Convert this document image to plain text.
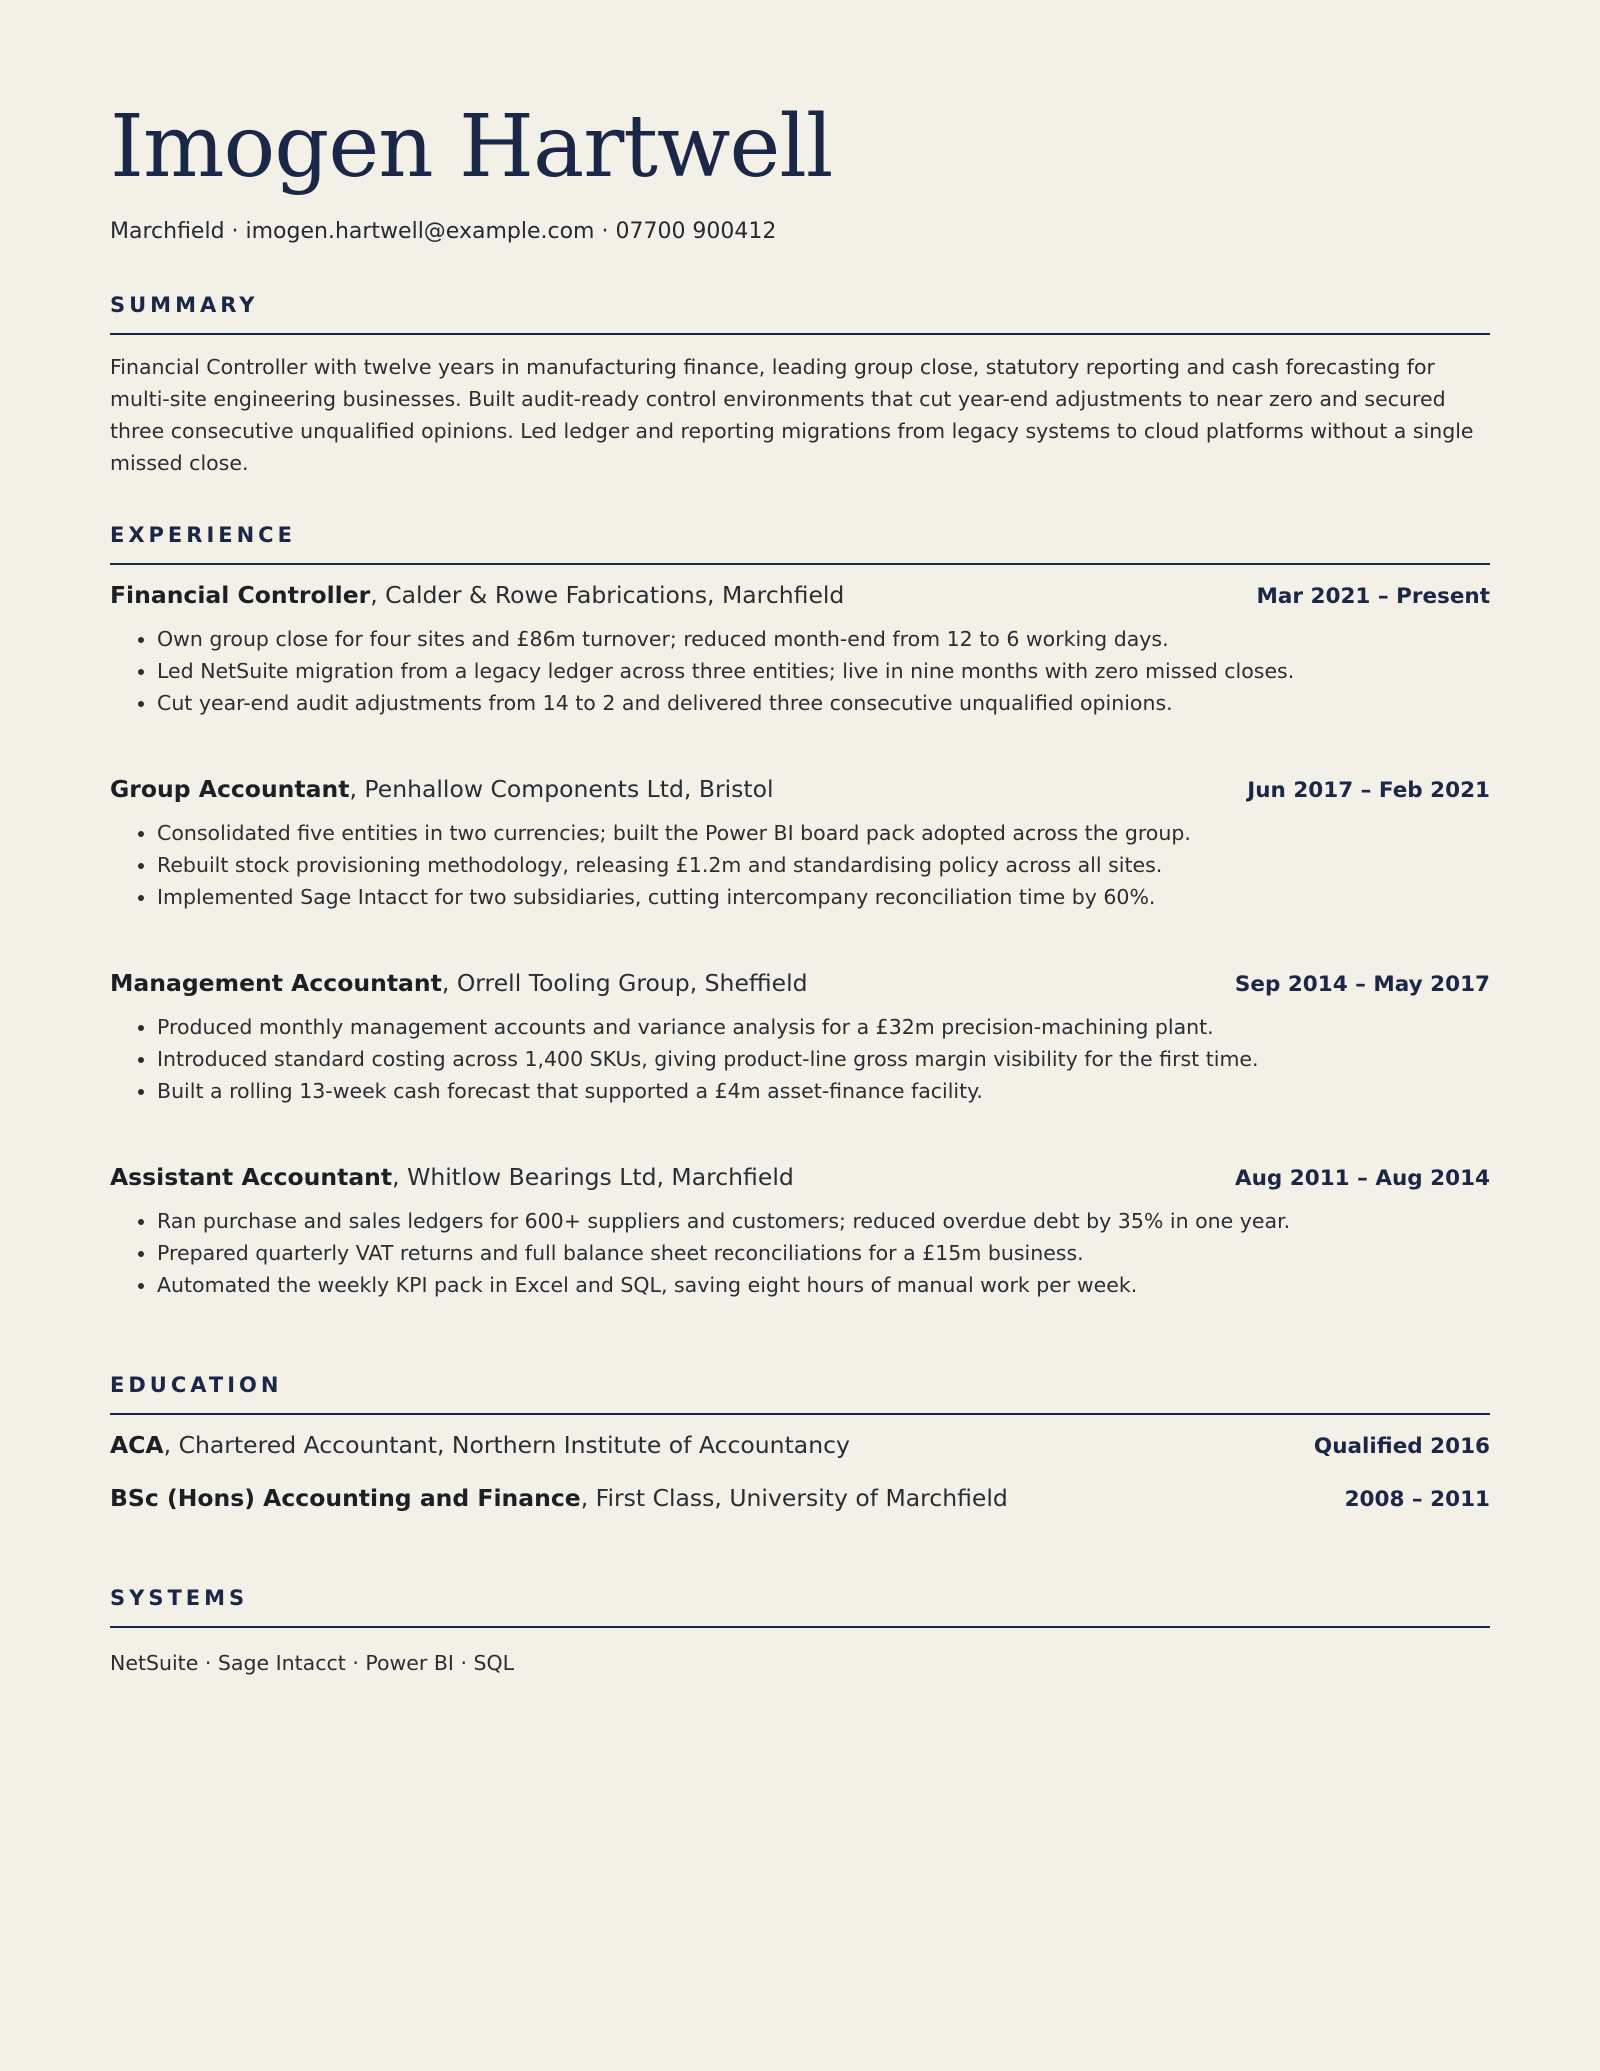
Imogen Hartwell
Marchfield · imogen.hartwell@example.com · 07700 900412
SUMMARY
Financial Controller with twelve years in manufacturing finance, leading group close, statutory reporting and cash forecasting for multi-site engineering businesses. Built audit-ready control environments that cut year-end adjustments to near zero and secured three consecutive unqualified opinions. Led ledger and reporting migrations from legacy systems to cloud platforms without a single missed close.
EXPERIENCE
Financial Controller, Calder & Rowe Fabrications, Marchfield	Mar 2021 – Present
• Own group close for four sites and £86m turnover; reduced month-end from 12 to 6 working days.
• Led NetSuite migration from a legacy ledger across three entities; live in nine months with zero missed closes.
• Cut year-end audit adjustments from 14 to 2 and delivered three consecutive unqualified opinions.
Group Accountant, Penhallow Components Ltd, Bristol	Jun 2017 – Feb 2021
• Consolidated five entities in two currencies; built the Power BI board pack adopted across the group.
• Rebuilt stock provisioning methodology, releasing £1.2m and standardising policy across all sites.
• Implemented Sage Intacct for two subsidiaries, cutting intercompany reconciliation time by 60%.
Management Accountant, Orrell Tooling Group, Sheffield	Sep 2014 – May 2017
• Produced monthly management accounts and variance analysis for a £32m precision-machining plant.
• Introduced standard costing across 1,400 SKUs, giving product-line gross margin visibility for the first time.
• Built a rolling 13-week cash forecast that supported a £4m asset-finance facility.
Assistant Accountant, Whitlow Bearings Ltd, Marchfield	Aug 2011 – Aug 2014
• Ran purchase and sales ledgers for 600+ suppliers and customers; reduced overdue debt by 35% in one year.
• Prepared quarterly VAT returns and full balance sheet reconciliations for a £15m business.
• Automated the weekly KPI pack in Excel and SQL, saving eight hours of manual work per week.
EDUCATION
ACA, Chartered Accountant, Northern Institute of Accountancy	Qualified 2016
BSc (Hons) Accounting and Finance, First Class, University of Marchfield	2008 – 2011
SYSTEMS
NetSuite · Sage Intacct · Power BI · SQL
